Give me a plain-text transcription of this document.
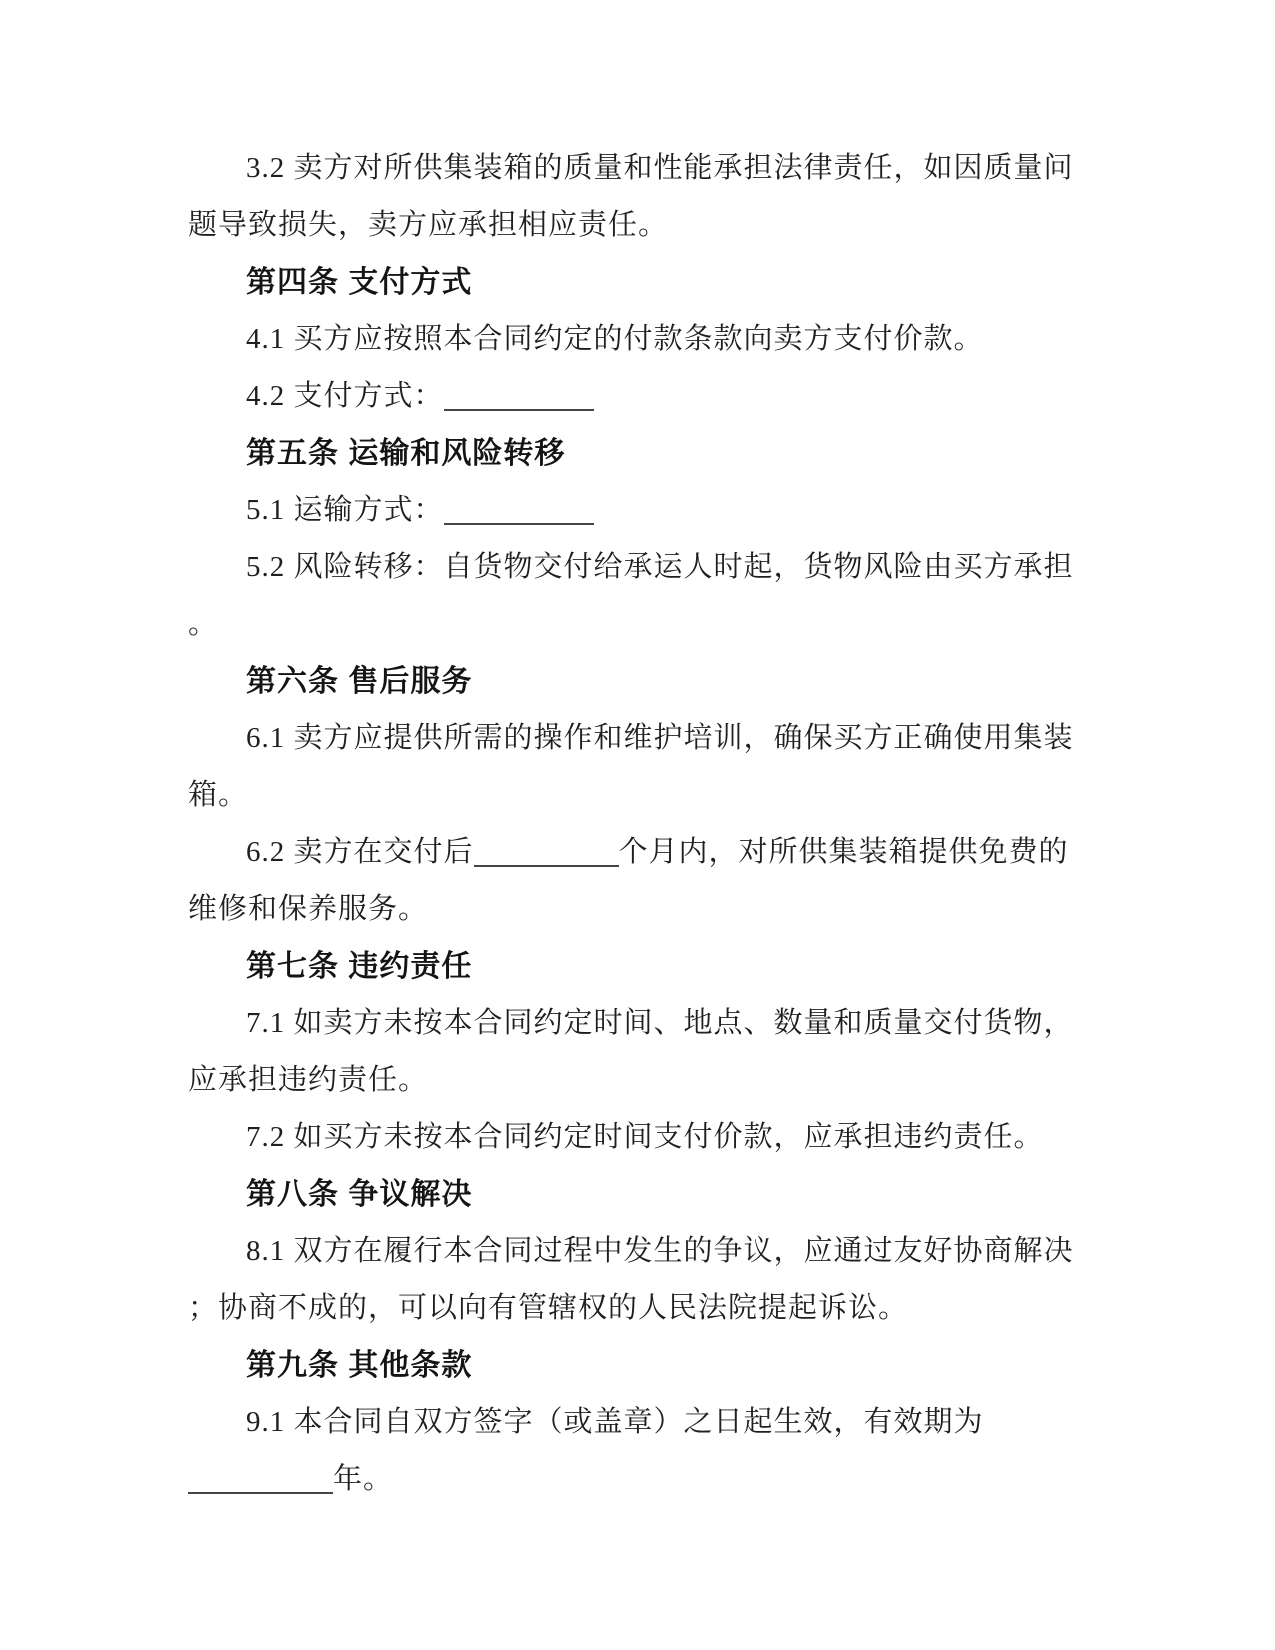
3.2 卖方对所供集装箱的质量和性能承担法律责任，如因质量问

题导致损失，卖方应承担相应责任。

第四条 支付方式

4.1 买方应按照本合同约定的付款条款向卖方支付价款。

4.2 支付方式：

第五条 运输和风险转移

5.1 运输方式：

5.2 风险转移：自货物交付给承运人时起，货物风险由买方承担

。

第六条 售后服务

6.1 卖方应提供所需的操作和维护培训，确保买方正确使用集装

箱。

6.2 卖方在交付后	个月内，对所供集装箱提供免费的

维修和保养服务。

第七条 违约责任

7.1 如卖方未按本合同约定时间、地点、数量和质量交付货物，

应承担违约责任。

7.2 如买方未按本合同约定时间支付价款，应承担违约责任。

第八条 争议解决

8.1 双方在履行本合同过程中发生的争议，应通过友好协商解决

；协商不成的，可以向有管辖权的人民法院提起诉讼。

第九条 其他条款

9.1 本合同自双方签字（或盖章）之日起生效，有效期为

年。
